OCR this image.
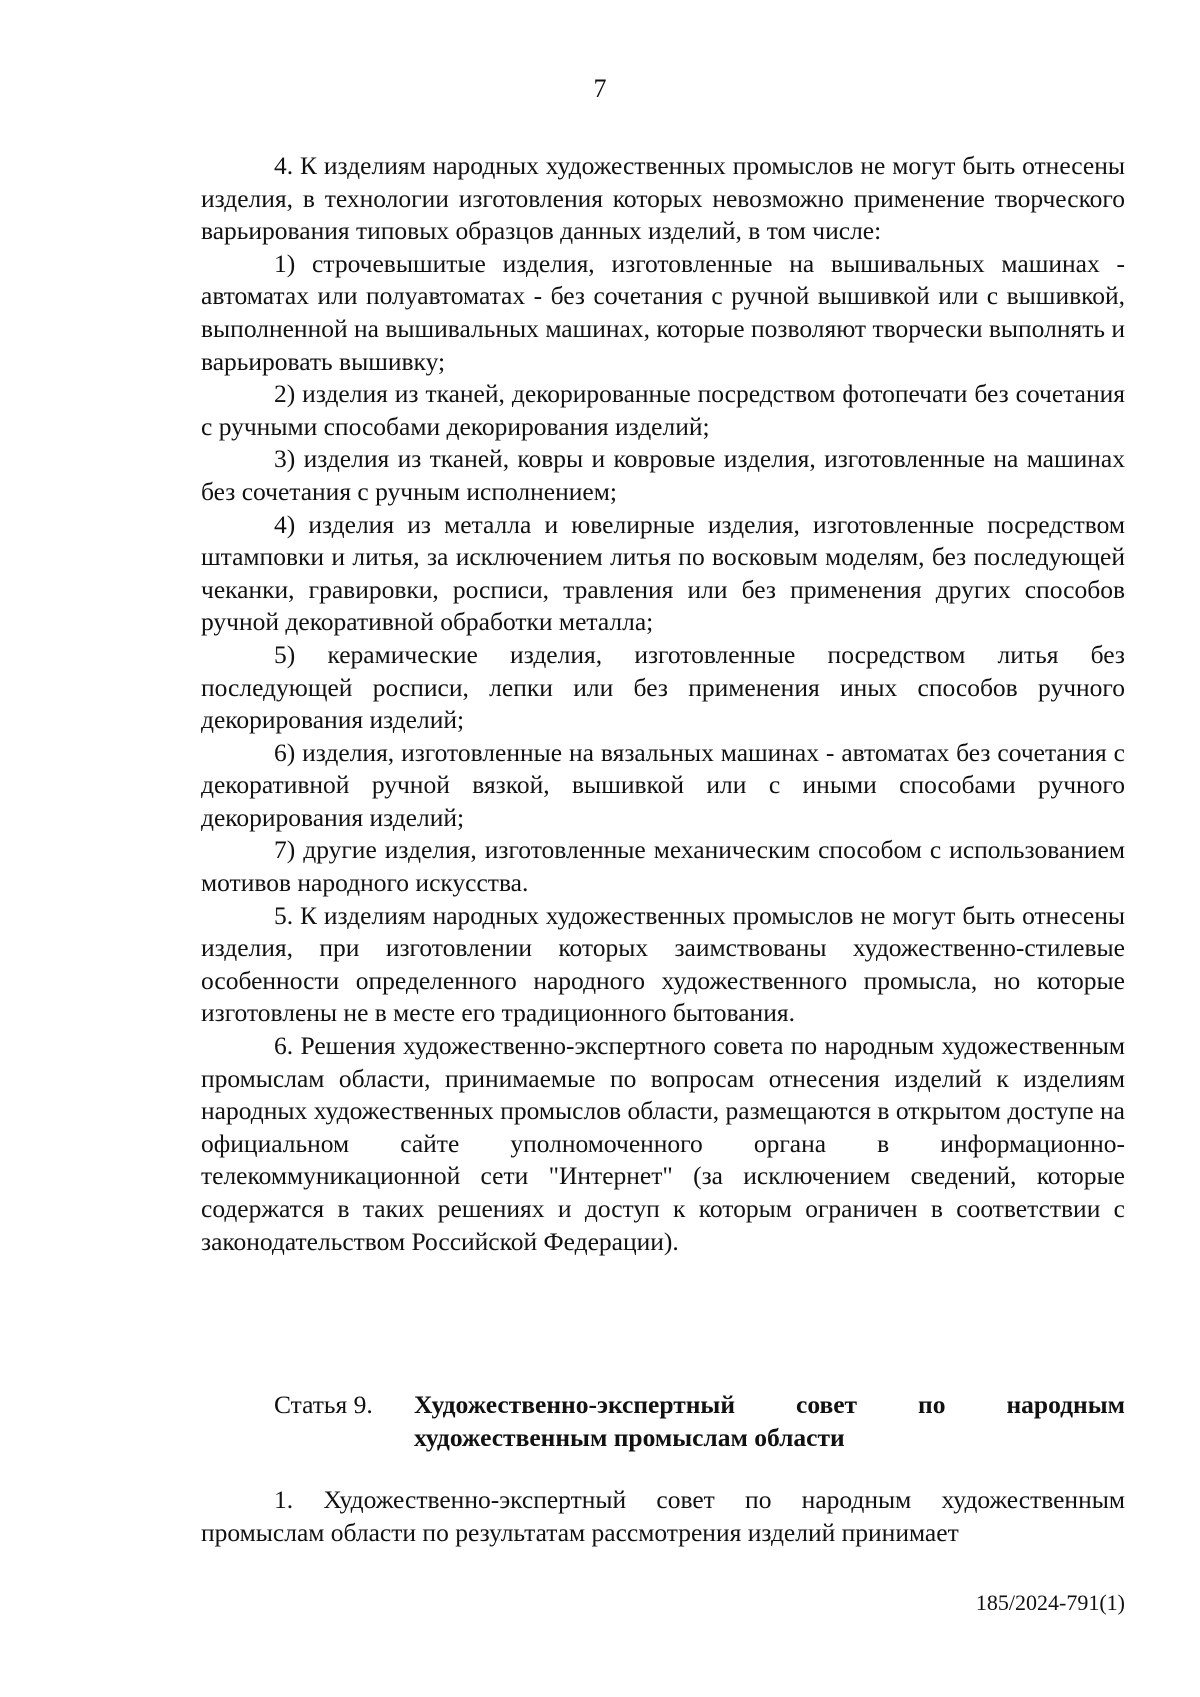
7

4. К изделиям народных художественных промыслов не могут быть отнесены изделия, в технологии изготовления которых невозможно применение творческого варьирования типовых образцов данных изделий, в том числе:

1) строчевышитые изделия, изготовленные на вышивальных машинах - автоматах или полуавтоматах - без сочетания с ручной вышивкой или с вышивкой, выполненной на вышивальных машинах, которые позволяют творчески выполнять и варьировать вышивку;

2) изделия из тканей, декорированные посредством фотопечати без сочетания с ручными способами декорирования изделий;

3) изделия из тканей, ковры и ковровые изделия, изготовленные на машинах без сочетания с ручным исполнением;

4) изделия из металла и ювелирные изделия, изготовленные посредством штамповки и литья, за исключением литья по восковым моделям, без последующей чеканки, гравировки, росписи, травления или без применения других способов ручной декоративной обработки металла;

5) керамические изделия, изготовленные посредством литья без последующей росписи, лепки или без применения иных способов ручного декорирования изделий;

6) изделия, изготовленные на вязальных машинах - автоматах без сочетания с декоративной ручной вязкой, вышивкой или с иными способами ручного декорирования изделий;

7) другие изделия, изготовленные механическим способом с использованием мотивов народного искусства.

5. К изделиям народных художественных промыслов не могут быть отнесены изделия, при изготовлении которых заимствованы художественно-стилевые особенности определенного народного художественного промысла, но которые изготовлены не в месте его традиционного бытования.

6. Решения художественно-экспертного совета по народным художественным промыслам области, принимаемые по вопросам отнесения изделий к изделиям народных художественных промыслов области, размещаются в открытом доступе на официальном сайте уполномоченного органа в информационно-телекоммуникационной сети "Интернет" (за исключением сведений, которые содержатся в таких решениях и доступ к которым ограничен в соответствии с законодательством Российской Федерации).

Статья 9.	Художественно-экспертный совет по народным художественным промыслам области

1. Художественно-экспертный совет по народным художественным промыслам области по результатам рассмотрения изделий принимает

185/2024-791(1)
